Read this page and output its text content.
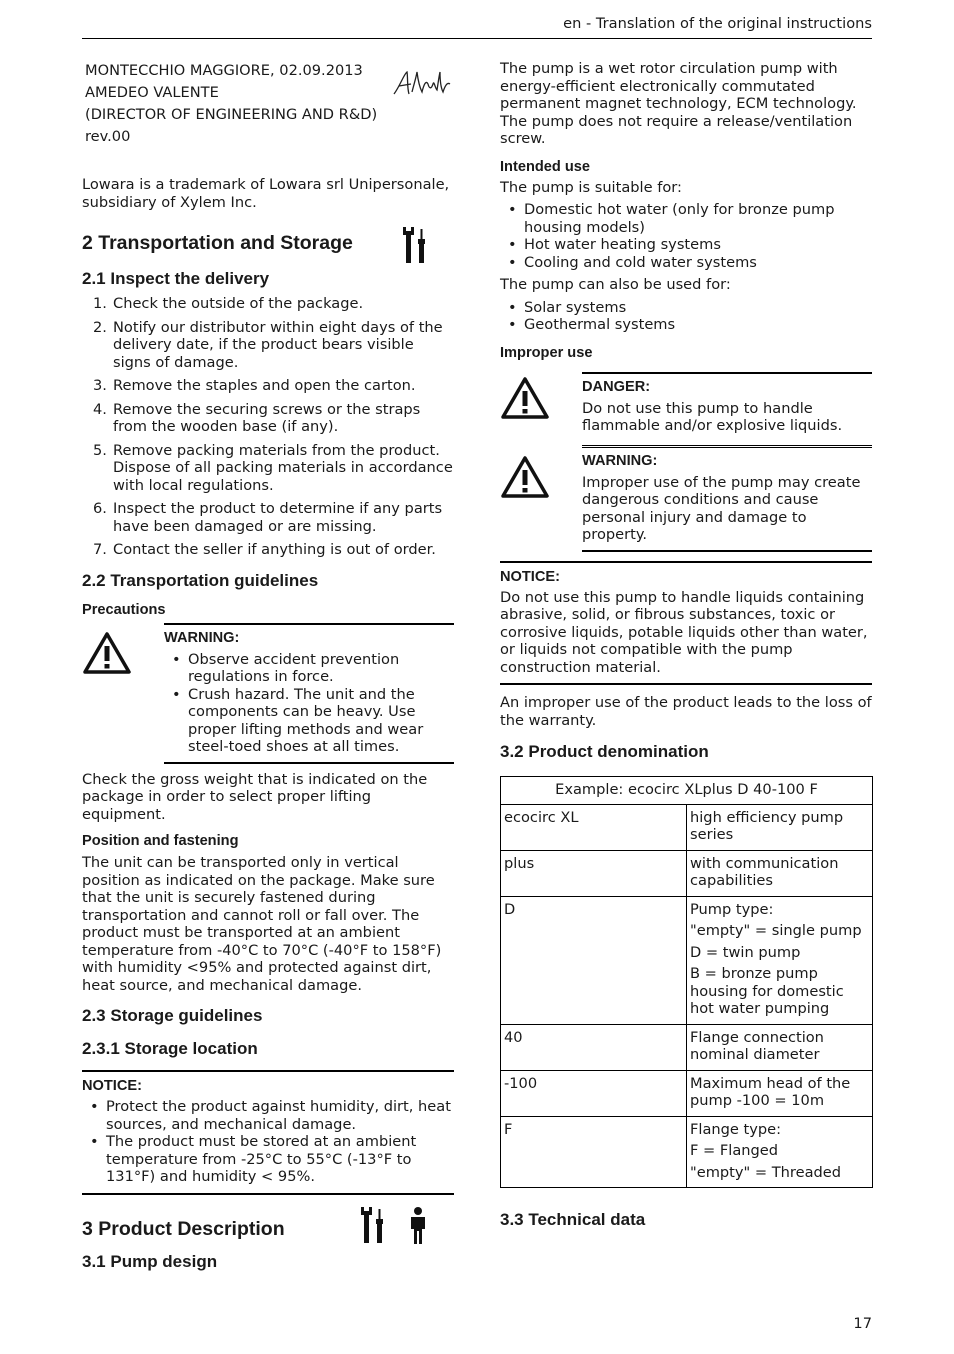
en - Translation of the original instructions
MONTECCHIO MAGGIORE, 02.09.2013
AMEDEO VALENTE
(DIRECTOR OF ENGINEERING AND R&D)
rev.00

Lowara is a trademark of Lowara srl Unipersonale, subsidiary of Xylem Inc.

2 Transportation and Storage
2.1 Inspect the delivery
1. Check the outside of the package.
2. Notify our distributor within eight days of the delivery date, if the product bears visible signs of damage.
3. Remove the staples and open the carton.
4. Remove the securing screws or the straps from the wooden base (if any).
5. Remove packing materials from the product. Dispose of all packing materials in accordance with local regulations.
6. Inspect the product to determine if any parts have been damaged or are missing.
7. Contact the seller if anything is out of order.
2.2 Transportation guidelines
Precautions
WARNING:
• Observe accident prevention regulations in force.
• Crush hazard. The unit and the components can be heavy. Use proper lifting methods and wear steel-toed shoes at all times.

Check the gross weight that is indicated on the package in order to select proper lifting equipment.

Position and fastening

The unit can be transported only in vertical position as indicated on the package. Make sure that the unit is securely fastened during transportation and cannot roll or fall over. The product must be transported at an ambient temperature from -40°C to 70°C (-40°F to 158°F) with humidity <95% and protected against dirt, heat source, and mechanical damage.

2.3 Storage guidelines
2.3.1 Storage location
NOTICE:
• Protect the product against humidity, dirt, heat sources, and mechanical damage.
• The product must be stored at an ambient temperature from -25°C to 55°C (-13°F to 131°F) and humidity < 95%.
3 Product Description
3.1 Pump design

The pump is a wet rotor circulation pump with energy-efficient electronically commutated permanent magnet technology, ECM technology. The pump does not require a release/ventilation screw.

Intended use

The pump is suitable for:

• Domestic hot water (only for bronze pump housing models)
• Hot water heating systems
• Cooling and cold water systems

The pump can also be used for:

• Solar systems
• Geothermal systems
Improper use
DANGER:

Do not use this pump to handle flammable and/or explosive liquids.

WARNING:

Improper use of the pump may create dangerous conditions and cause personal injury and damage to property.

NOTICE:

Do not use this pump to handle liquids containing abrasive, solid, or fibrous substances, toxic or corrosive liquids, potable liquids other than water, or liquids not compatible with the pump construction material.

An improper use of the product leads to the loss of the warranty.

3.2 Product denomination
Example: ecocirc XLplus D 40-100 F	
ecocirc XL	high efficiency pump series

plus	with communication capabilities

D	Pump type:
"empty" = single pump
D = twin pump
B = bronze pump housing for domestic hot water pumping

40	Flange connection nominal diameter

-100	Maximum head of the pump -100 = 10m

F	Flange type:
F = Flanged
"empty" = Threaded
3.3 Technical data
17
